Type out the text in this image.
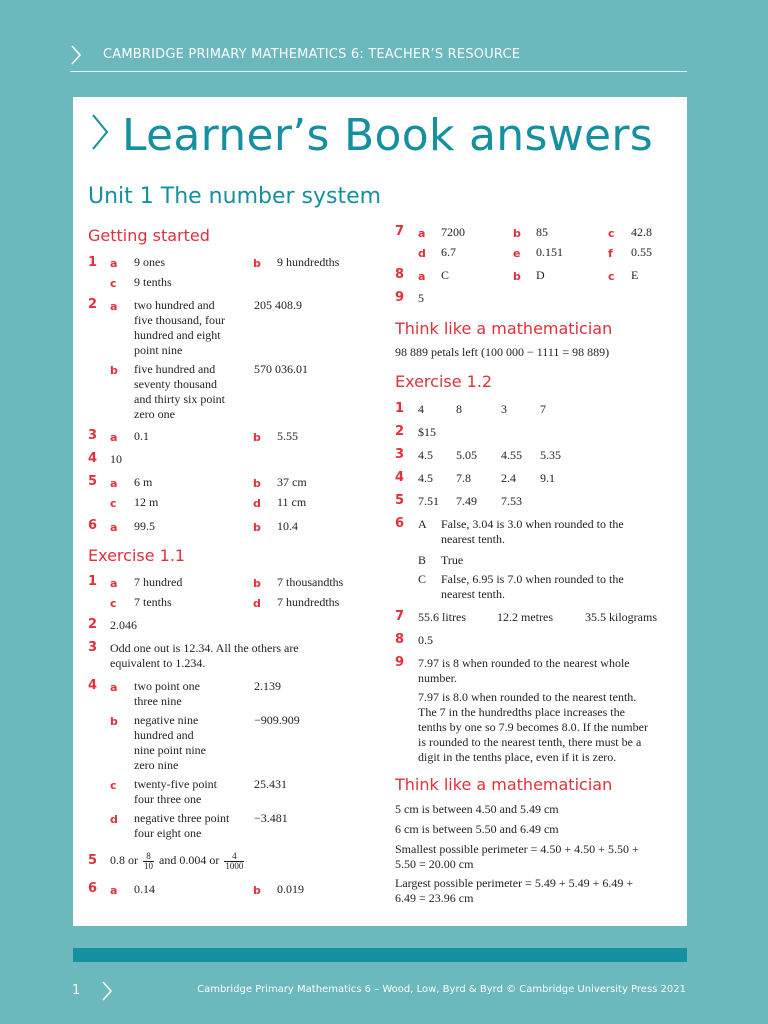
CAMBRIDGE PRIMARY MATHEMATICS 6: TEACHER’S RESOURCE
Learner’s Book answers
Unit 1 The number system
Getting started
1 a 9 ones	b 9 hundredths
c 9 tenths
2 a two hundred and
five thousand, four
hundred and eight
point nine
205 408.9
b five hundred and
seventy thousand
and thirty six point
zero one
570 036.01
3 a 0.1	b 5.55
4 10
5 a 6 m	b 37 cm
c 12 m	d 11 cm
6 a 99.5	b 10.4
Exercise 1.1
1 a 7 hundred	b 7 thousandths
c 7 tenths	d 7 hundredths
2 2.046
3 Odd one out is 12.34. All the others are
equivalent to 1.234.
4 a two point one
three nine
2.139
b negative nine
hundred and
nine point nine
zero nine
−909.909
c twenty-five point
four three one
25.431
d negative three point
four eight one
−3.481
5 0.8 or $\frac{8}{10}$ and 0.004 or $\frac{4}{1000}$
6 a 0.14	b 0.019
7 a 7200	b 85	c 42.8
d 6.7	e 0.151	f 0.55
8 a C	b D	c E
9 5
Think like a mathematician
98 889 petals left (100 000 − 1111 = 98 889)
Exercise 1.2
1 4	8	3	7
2 $15
3 4.5 5.05 4.55 5.35
4 4.5 7.8	2.4 9.1
5 7.51 7.49 7.53
6 A False, 3.04 is 3.0 when rounded to the
nearest tenth.
B True
C False, 6.95 is 7.0 when rounded to the
nearest tenth.
7 55.6 litres	12.2 metres	35.5 kilograms
8 0.5
9 7.97 is 8 when rounded to the nearest whole
number.
7.97 is 8.0 when rounded to the nearest tenth.
The 7 in the hundredths place increases the
tenths by one so 7.9 becomes 8.0. If the number
is rounded to the nearest tenth, there must be a
digit in the tenths place, even if it is zero.
Think like a mathematician
5 cm is between 4.50 and 5.49 cm
6 cm is between 5.50 and 6.49 cm
Smallest possible perimeter = 4.50 + 4.50 + 5.50 +
5.50 = 20.00 cm
Largest possible perimeter = 5.49 + 5.49 + 6.49 +
6.49 = 23.96 cm
1	Cambridge Primary Mathematics 6 – Wood, Low, Byrd & Byrd © Cambridge University Press 2021
